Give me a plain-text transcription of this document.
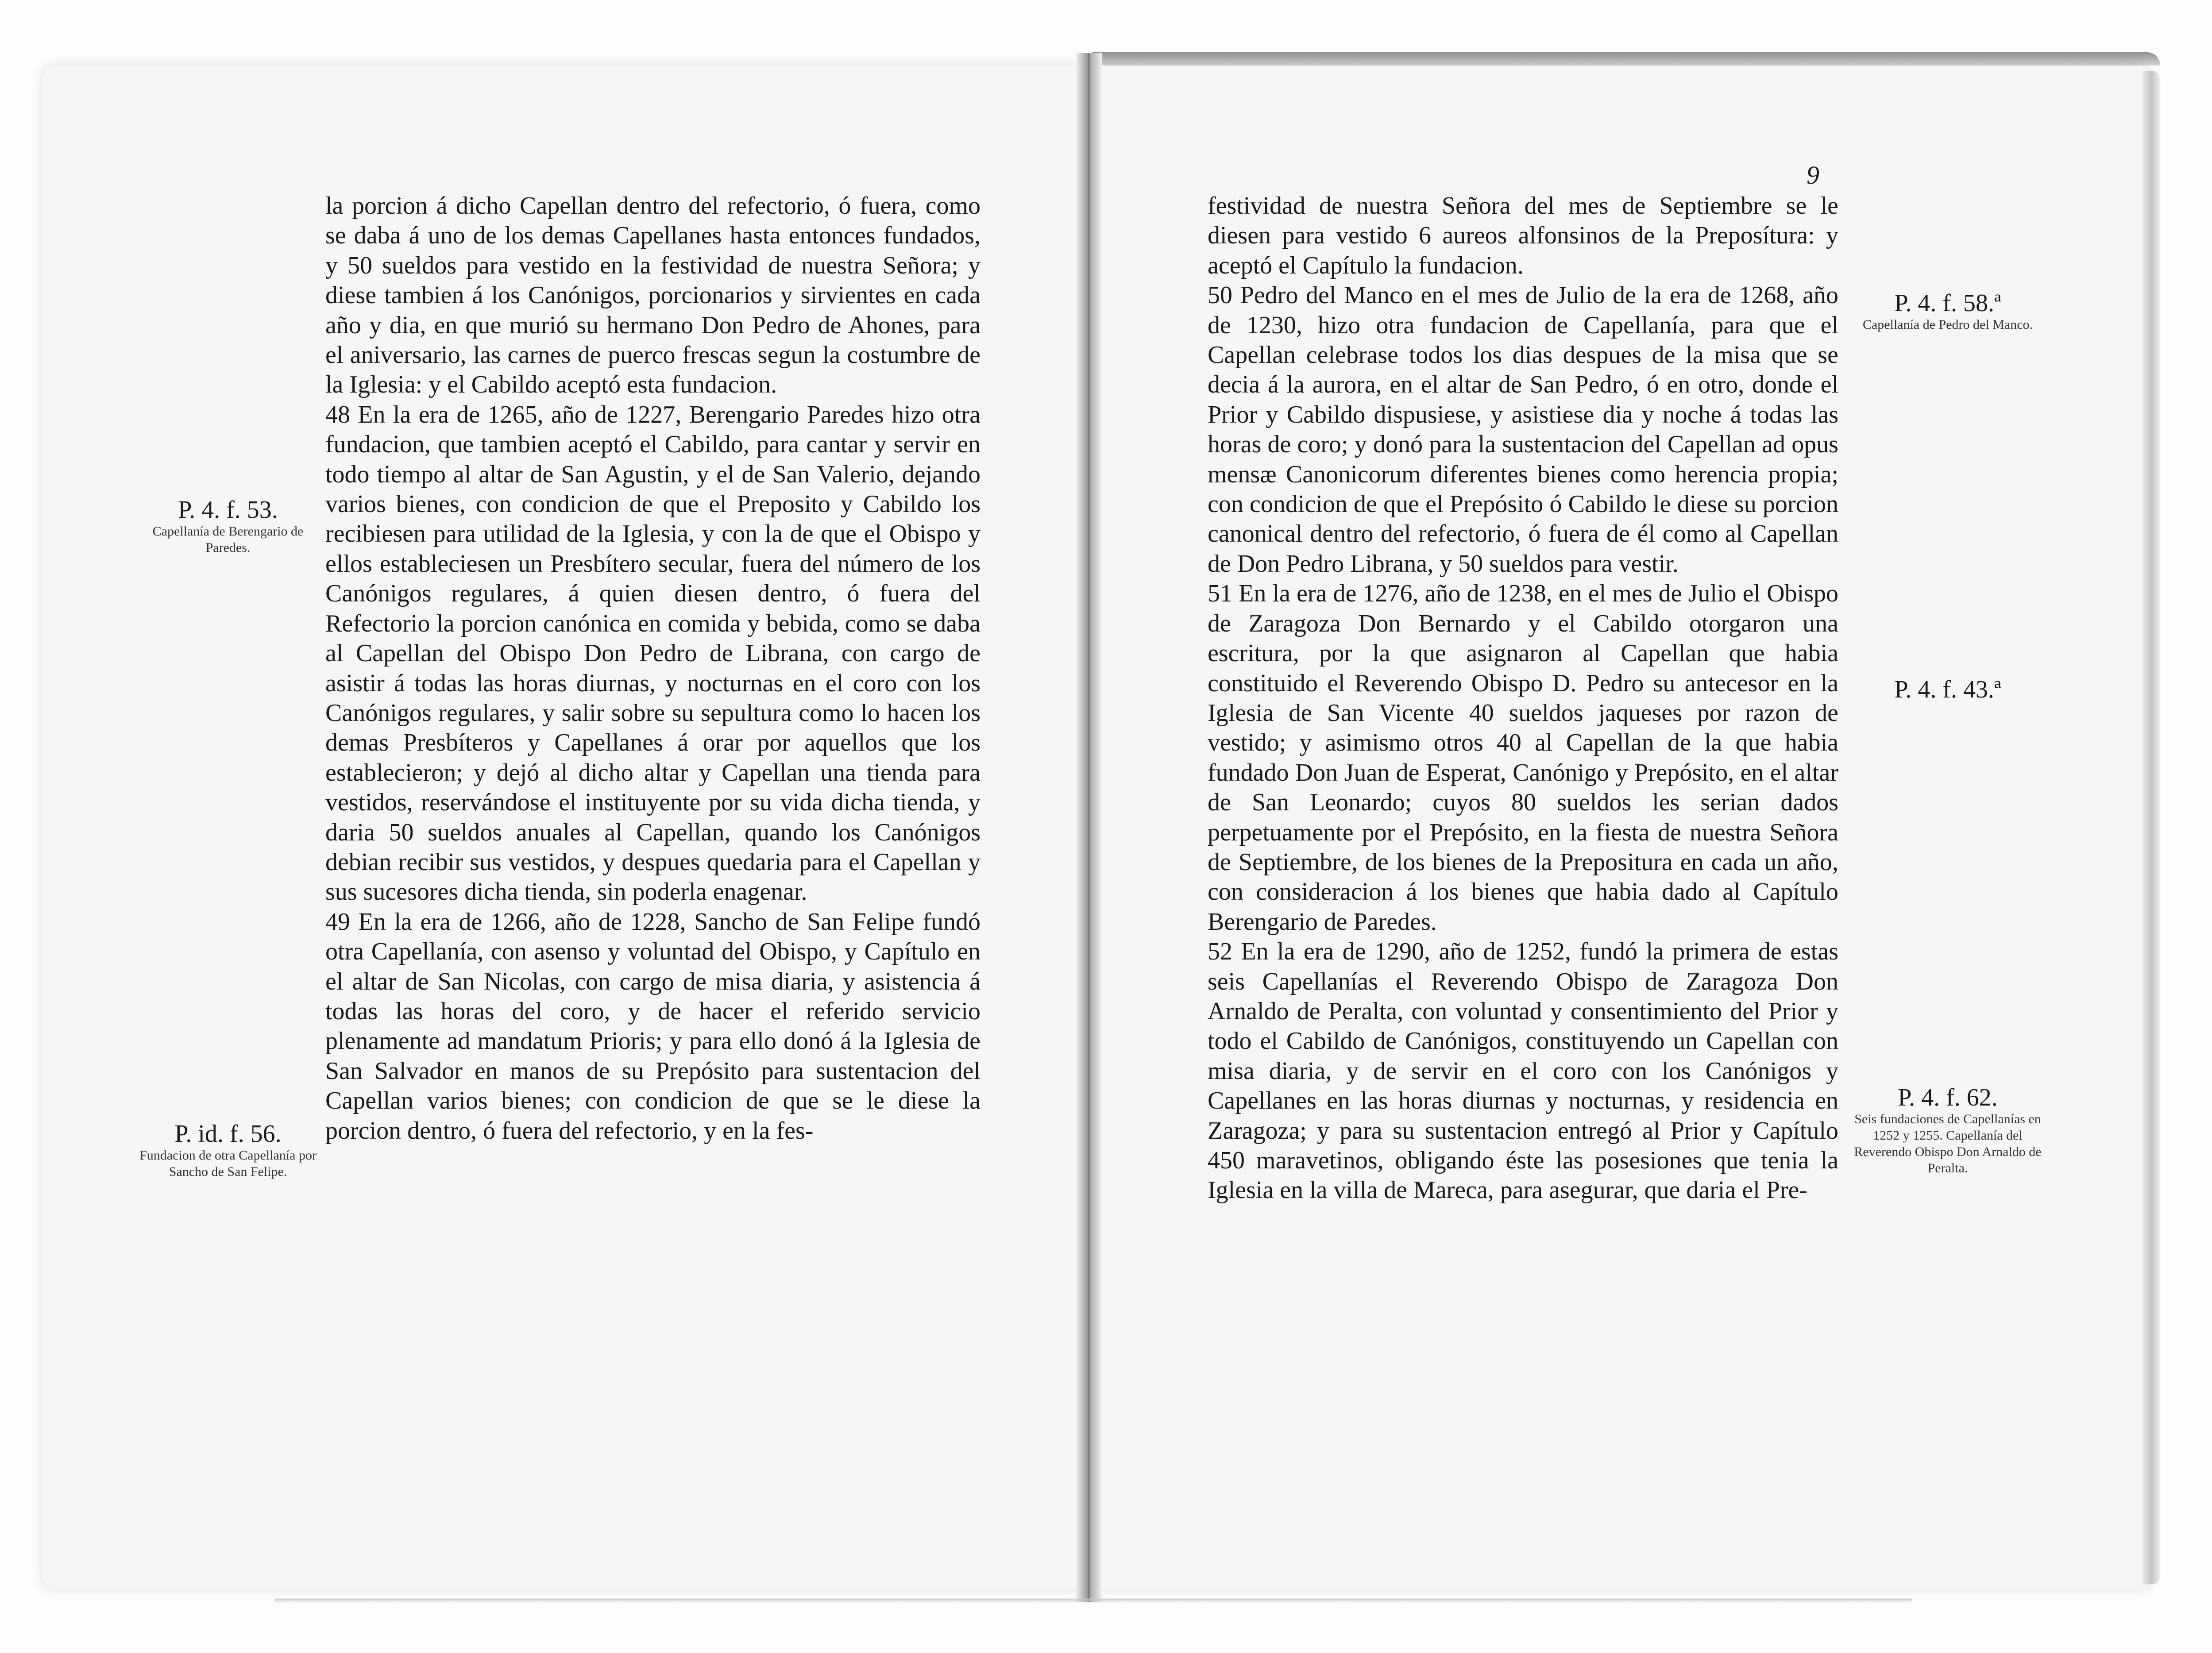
9

la porcion á dicho Capellan dentro del refectorio, ó fuera, como se daba á uno de los demas Capellanes hasta entonces fundados, y 50 sueldos para vestido en la festividad de nuestra Señora; y diese tambien á los Canónigos, porcionarios y sirvientes en cada año y dia, en que murió su hermano Don Pedro de Ahones, para el aniversario, las carnes de puerco frescas segun la costumbre de la Iglesia: y el Cabildo aceptó esta fundacion.

48 En la era de 1265, año de 1227, Berengario Paredes hizo otra fundacion, que tambien aceptó el Cabildo, para cantar y servir en todo tiempo al altar de San Agustin, y el de San Valerio, dejando varios bienes, con condicion de que el Preposito y Cabildo los recibiesen para utilidad de la Iglesia, y con la de que el Obispo y ellos estableciesen un Presbítero secular, fuera del número de los Canónigos regulares, á quien diesen dentro, ó fuera del Refectorio la porcion canónica en comida y bebida, como se daba al Capellan del Obispo Don Pedro de Librana, con cargo de asistir á todas las horas diurnas, y nocturnas en el coro con los Canónigos regulares, y salir sobre su sepultura como lo hacen los demas Presbíteros y Capellanes á orar por aquellos que los establecieron; y dejó al dicho altar y Capellan una tienda para vestidos, reservándose el instituyente por su vida dicha tienda, y daria 50 sueldos anuales al Capellan, quando los Canónigos debian recibir sus vestidos, y despues quedaria para el Capellan y sus sucesores dicha tienda, sin poderla enagenar.

49 En la era de 1266, año de 1228, Sancho de San Felipe fundó otra Capellanía, con asenso y voluntad del Obispo, y Capítulo en el altar de San Nicolas, con cargo de misa diaria, y asistencia á todas las horas del coro, y de hacer el referido servicio plenamente ad mandatum Prioris; y para ello donó á la Iglesia de San Salvador en manos de su Prepósito para sustentacion del Capellan varios bienes; con condicion de que se le diese la porcion dentro, ó fuera del refectorio, y en la fes-

festividad de nuestra Señora del mes de Septiembre se le diesen para vestido 6 aureos alfonsinos de la Preposítura: y aceptó el Capítulo la fundacion.

50 Pedro del Manco en el mes de Julio de la era de 1268, año de 1230, hizo otra fundacion de Capellanía, para que el Capellan celebrase todos los dias despues de la misa que se decia á la aurora, en el altar de San Pedro, ó en otro, donde el Prior y Cabildo dispusiese, y asistiese dia y noche á todas las horas de coro; y donó para la sustentacion del Capellan ad opus mensæ Canonicorum diferentes bienes como herencia propia; con condicion de que el Prepósito ó Cabildo le diese su porcion canonical dentro del refectorio, ó fuera de él como al Capellan de Don Pedro Librana, y 50 sueldos para vestir.

51 En la era de 1276, año de 1238, en el mes de Julio el Obispo de Zaragoza Don Bernardo y el Cabildo otorgaron una escritura, por la que asignaron al Capellan que habia constituido el Reverendo Obispo D. Pedro su antecesor en la Iglesia de San Vicente 40 sueldos jaqueses por razon de vestido; y asimismo otros 40 al Capellan de la que habia fundado Don Juan de Esperat, Canónigo y Prepósito, en el altar de San Leonardo; cuyos 80 sueldos les serian dados perpetuamente por el Prepósito, en la fiesta de nuestra Señora de Septiembre, de los bienes de la Prepositura en cada un año, con consideracion á los bienes que habia dado al Capítulo Berengario de Paredes.

52 En la era de 1290, año de 1252, fundó la primera de estas seis Capellanías el Reverendo Obispo de Zaragoza Don Arnaldo de Peralta, con voluntad y consentimiento del Prior y todo el Cabildo de Canónigos, constituyendo un Capellan con misa diaria, y de servir en el coro con los Canónigos y Capellanes en las horas diurnas y nocturnas, y residencia en Zaragoza; y para su sustentacion entregó al Prior y Capítulo 450 maravetinos, obligando éste las posesiones que tenia la Iglesia en la villa de Mareca, para asegurar, que daria el Pre-

P. 4. f. 53.
Capellanía de Berengario de Paredes.
P. id. f. 56.
Fundacion de otra Capellanía por Sancho de San Felipe.
P. 4. f. 58.ª
Capellanía de Pedro del Manco.
P. 4. f. 43.ª
P. 4. f. 62.
Seis fundaciones de Capellanías en 1252 y 1255. Capellanía del Reverendo Obispo Don Arnaldo de Peralta.
